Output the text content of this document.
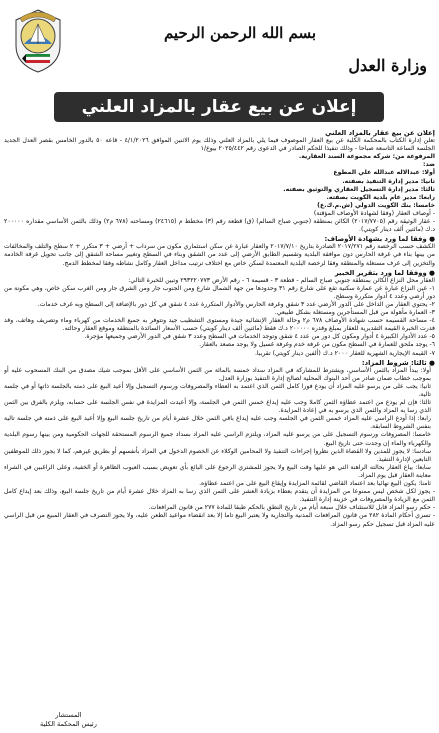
بسم الله الرحمن الرحيم
وزارة العدل
إعلان عن بيع عقار بالمزاد العلني
إعلان عن بيع عقار بالمزاد العلني
تعلن إدارة الكتاب بالمحكمة الكلية عن بيع العقار الموصوف فيما يلي بالمزاد العلني وذلك يوم الاثنين الموافق ٤/١/٢٠٢٦ - قاعة ٥٠ بالدور الخامس بقصر العدل الجديد الجلسة الساعة التاسعة صباحا - وذلك تنفيذا للحكم الصادر في الدعوى رقم ٢٠٢٥/٤٤٢ بيوع/١
المرفوعة من: شركة مجموعة السند العقارية.
ضد:
أولا: عبدالاله عبدالله علي المطوع
ثانيا: مدير إدارة التنفيذ بصفته.
ثالثا: مدير إدارة التسجيل العقاري والتوثيق بصفته.
رابعا: مدير عام بلدية الكويت بصفته.
خامسا: بنك الكويت الدولي (ش.م.ك.ع)
- أوصاف العقار (وفقا لشهادة الأوصاف المؤقتة)
- عقار الوثيقة رقم (٢٠١٧/٧٧٠٥) الكائن بمنطقة (جنوبي صباح السالم) (ق) قطعة رقم (٣) مخطط م (٢٤٦١٥) ومساحته (٦٧٨ م٢) وذلك بالثمن الأساسي مقداره ٢٠٠٠٠٠ د.ك (مائتين ألف دينار كويتي).
● وفقا لما ورد بشهادة الأوصاف:
الكشف حسب الرخصة رقم ٢٠١٧/٢٧١ الصادرة بتاريخ ٢٠١٧/٧/١٠ والعقار عبارة عن سكن استثماري مكون من سرداب + أرضي + ٣ متكرر + ٢ سطح والتلف والمخالفات من بينها بناء في غرفة الحارس دون موافقة البلدية وتقسيم الطابق الأرضي إلى عدد من الشقق وبناء في السطح وتغيير مساحة الشقق إلى جانب تحويل غرفة الخادمة والتخزين إلى غرف مستغلة والمنطقة وفقا لرخصة البلدية المعتمدة لسكن خاص مع اختلاف ترتيب مداخل العقار وكامل نشاطه وفقا لمخطط الدمج.
● ووفقا لما ورد بتقرير الخبير
العقار محل النزاع الكائن بمنطقة جنوبي صباح السالم - قطعة ٣ - قسيمة ٦ - رقم الأرض ٢٩٣٢٢٠٧٧٣ وتبين للخبرة التالي:
١- عين النزاع عبارة عن عمارة سكنية تقع على شارع رقم ٣١ وحدودها من جهة الشمال شارع ومن الجنوب جار ومن الشرق جار ومن الغرب سكن خاص، وهي مكونة من دور أرضي وعدد ٤ أدوار متكررة وسطح.
٢- يحتوي العقار من الداخل على الدور الأرضي عدد ٣ شقق وغرفة الحارس والأدوار المتكررة عدد ٤ شقق في كل دور بالإضافة إلى السطح وبه غرف خدمات.
٣- العمارة مأهولة من قبل المستأجرين ومستغلة بشكل طبيعي.
٤- مساحة القسيمة حسب شهادة الأوصاف ٦٧٨ م٢ وحالة العقار الإنشائية جيدة ومستوى التشطيب جيد وتتوفر به جميع الخدمات من كهرباء وماء وتصريف وهاتف، وقد قدرت الخبرة القيمة التقديرية للعقار بمبلغ وقدره ٢٠٠٠٠٠ د.ك فقط (مائتين ألف دينار كويتي) حسب الأسعار السائدة بالمنطقة وموقع العقار وحالته.
٥- عدد الأدوار الكبيرة ٤ أدوار ومكون كل دور من عدد ٤ شقق وتوجد الخدمات في السطح وعدد ٣ شقق في الدور الأرضي وجميعها مؤجرة.
٦- يوجد ملحق للعمارة في السطح مكون من غرفة خدم وغرفة غسيل ولا يوجد مصعد بالعقار.
٧- القيمة الإيجارية الشهرية للعقار ٢٠٠٠ د.ك (ألفين دينار كويتي) تقريبا.
● ثالثا: شروط المزاد:
أولا: يبدأ المزاد بالثمن الأساسي، ويشترط للمشاركة في المزاد سداد خمسة بالمائة من الثمن الأساسي على الأقل بموجب شيك مصدق من البنك المسحوب عليه أو بموجب خطاب ضمان صادر من أحد البنوك المحلية لصالح إدارة التنفيذ بوزارة العدل.
ثانيا: يجب على من يرسو عليه المزاد أن يودع فورا كامل الثمن الذي اعتمد به العطاء والمصروفات ورسوم التسجيل وإلا أعيد البيع على ذمته بالجلسة ذاتها أو في جلسة تالية.
ثالثا: فإن لم يودع من اعتمد عطاؤه الثمن كاملا وجب عليه إيداع خمس الثمن في الجلسة، وإلا أعيدت المزايدة في نفس الجلسة على حسابه، ويلزم بالفرق بين الثمن الذي رسا به المزاد والثمن الذي يرسو به في إعادة المزايدة.
رابعا: إذا أودع الراسي عليه المزاد خمس الثمن في الجلسة وجب عليه إيداع باقي الثمن خلال عشرة أيام من تاريخ جلسة البيع وإلا أعيد البيع على ذمته في جلسة تالية بنفس الشروط السابقة.
خامسا: المصروفات ورسوم التسجيل على من يرسو عليه المزاد، ويلتزم الراسي عليه المزاد بسداد جميع الرسوم المستحقة للجهات الحكومية ومن بينها رسوم البلدية والكهرباء والماء إن وجدت حتى تاريخ البيع.
سادسا: لا يجوز للمدين ولا القضاة الذين نظروا إجراءات التنفيذ ولا المحامين الوكلاء عن الخصوم الدخول في المزاد بأنفسهم أو بطريق غيرهم، كما لا يجوز ذلك للموظفين التابعين لإدارة التنفيذ.
سابعا: يباع العقار بحالته الراهنة التي هو عليها وقت البيع ولا يجوز للمشتري الرجوع على البائع بأي تعويض بسبب العيوب الظاهرة أو الخفية، وعلى الراغبين في الشراء معاينة العقار قبل يوم المزاد.
ثامنا: يكون البيع نهائيا بعد اعتماد القاضي لقائمة المزايدة وإيقاع البيع على من اعتمد عطاؤه.
- يجوز لكل شخص ليس ممنوعا من المزايدة أن يتقدم بعطاء بزيادة العشر على الثمن الذي رسا به المزاد خلال عشرة أيام من تاريخ جلسة البيع، وذلك بعد إيداع كامل الثمن مع الزيادة والمصروفات في خزينة إدارة التنفيذ.
- حكم رسو المزاد قابل للاستئناف خلال سبعة أيام من تاريخ النطق بالحكم طبقا للمادة ٢٧٧ من قانون المرافعات.
- تسري أحكام المادة ٢٨٢ من قانون المرافعات المدنية والتجارية ولا يعتبر البيع تاما إلا بعد انقضاء مواعيد الطعن عليه، ولا يجوز التصرف في العقار المبيع من قبل الراسي عليه المزاد قبل تسجيل حكم رسو المزاد.
المستشار
رئيس المحكمة الكلية
